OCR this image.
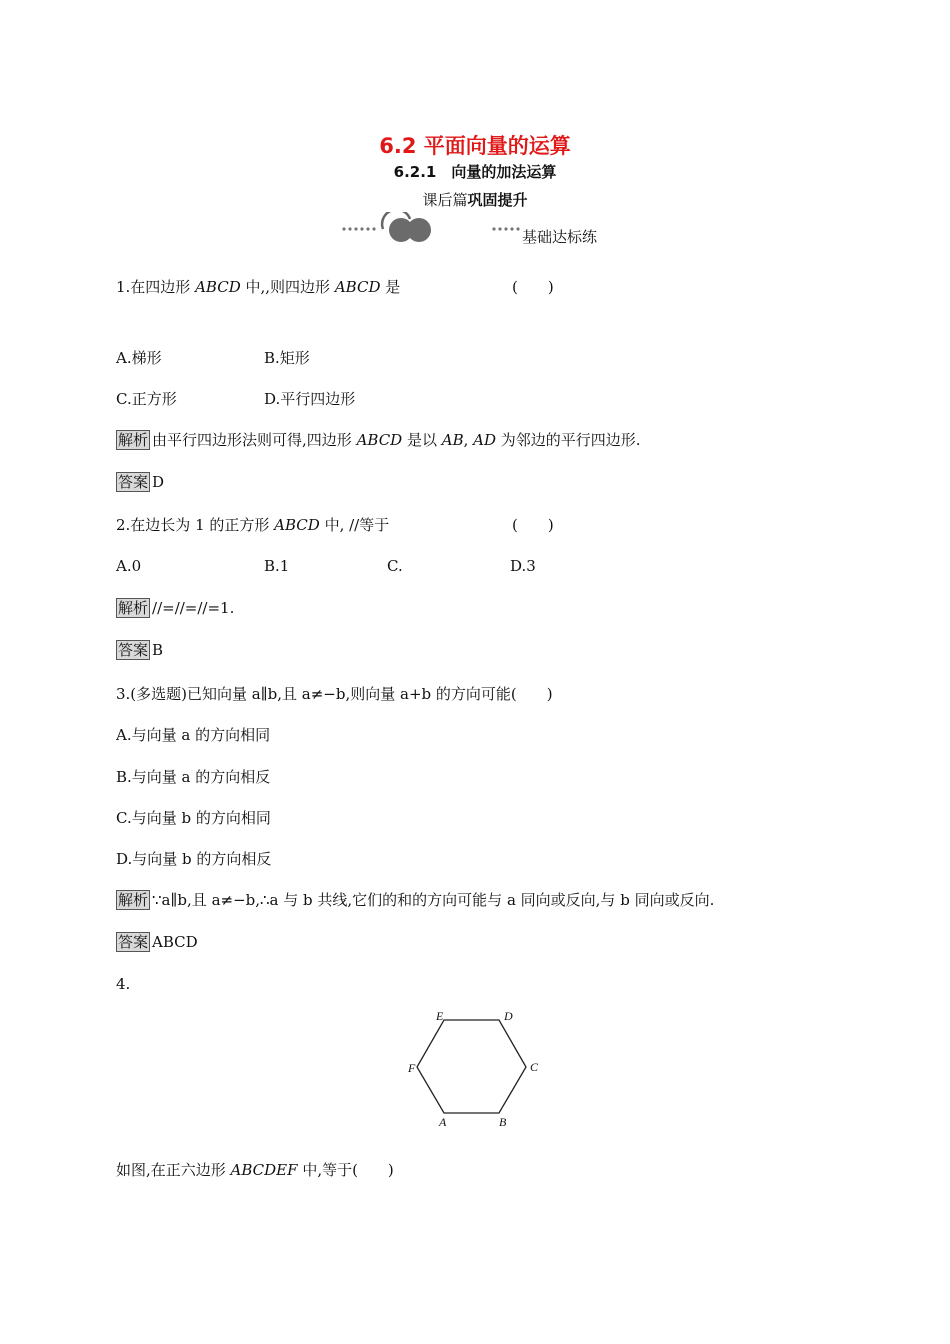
6.2 平面向量的运算
6.2.1　向量的加法运算
课后篇巩固提升
基础达标练
1.在四边形 ABCD 中,,则四边形 ABCD 是	(　　)
A.梯形	B.矩形
C.正方形	D.平行四边形
解析 由平行四边形法则可得,四边形 ABCD 是以 AB, AD 为邻边的平行四边形.
答案 D
2.在边长为 1 的正方形 ABCD 中, //等于	(　　)
A.0	B.1	C.	D.3
解析 //=//=//=1.
答案 B
3.(多选题)已知向量 a∥b,且 a≠−b,则向量 a+b 的方向可能(　　)
A.与向量 a 的方向相同
B.与向量 a 的方向相反
C.与向量 b 的方向相同
D.与向量 b 的方向相反
解析 ∵a∥b,且 a≠−b,∴a 与 b 共线,它们的和的方向可能与 a 同向或反向,与 b 同向或反向.
答案 ABCD
4.
A	B
C
D
E
F
如图,在正六边形 ABCDEF 中,等于(　　)
